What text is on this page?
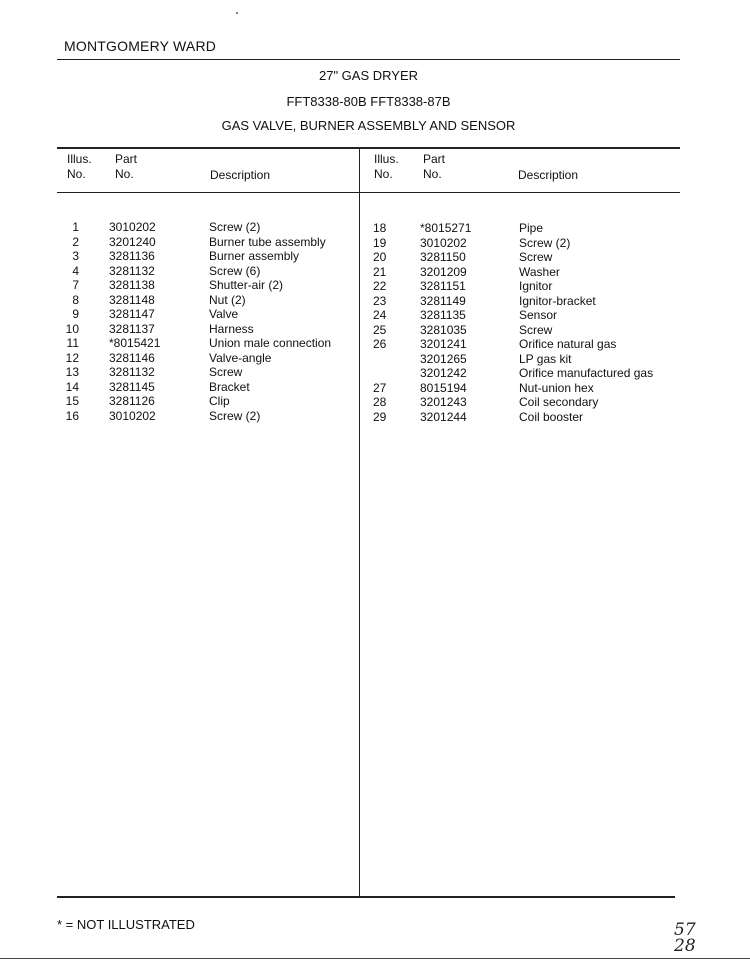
MONTGOMERY WARD
27" GAS DRYER
FFT8338-80B FFT8338-87B
GAS VALVE, BURNER ASSEMBLY AND SENSOR
Illus.
No.
Part
No.	Description
Illus.
No.
Part
No.	Description
1	3010202	Screw (2)
2	3201240	Burner tube assembly
3	3281136	Burner assembly
4	3281132	Screw (6)
7	3281138	Shutter-air (2)
8	3281148	Nut (2)
9	3281147	Valve
10	3281137	Harness
11	*8015421	Union male connection
12	3281146	Valve-angle
13	3281132	Screw
14	3281145	Bracket
15	3281126	Clip
16	3010202	Screw (2)
18	*8015271	Pipe
19	3010202	Screw (2)
20	3281150	Screw
21	3201209	Washer
22	3281151	Ignitor
23	3281149	Ignitor-bracket
24	3281135	Sensor
25	3281035	Screw
26	3201241	Orifice natural gas
3201265	LP gas kit
3201242	Orifice manufactured gas
27	8015194	Nut-union hex
28	3201243	Coil secondary
29	3201244	Coil booster
* = NOT ILLUSTRATED	57
28
